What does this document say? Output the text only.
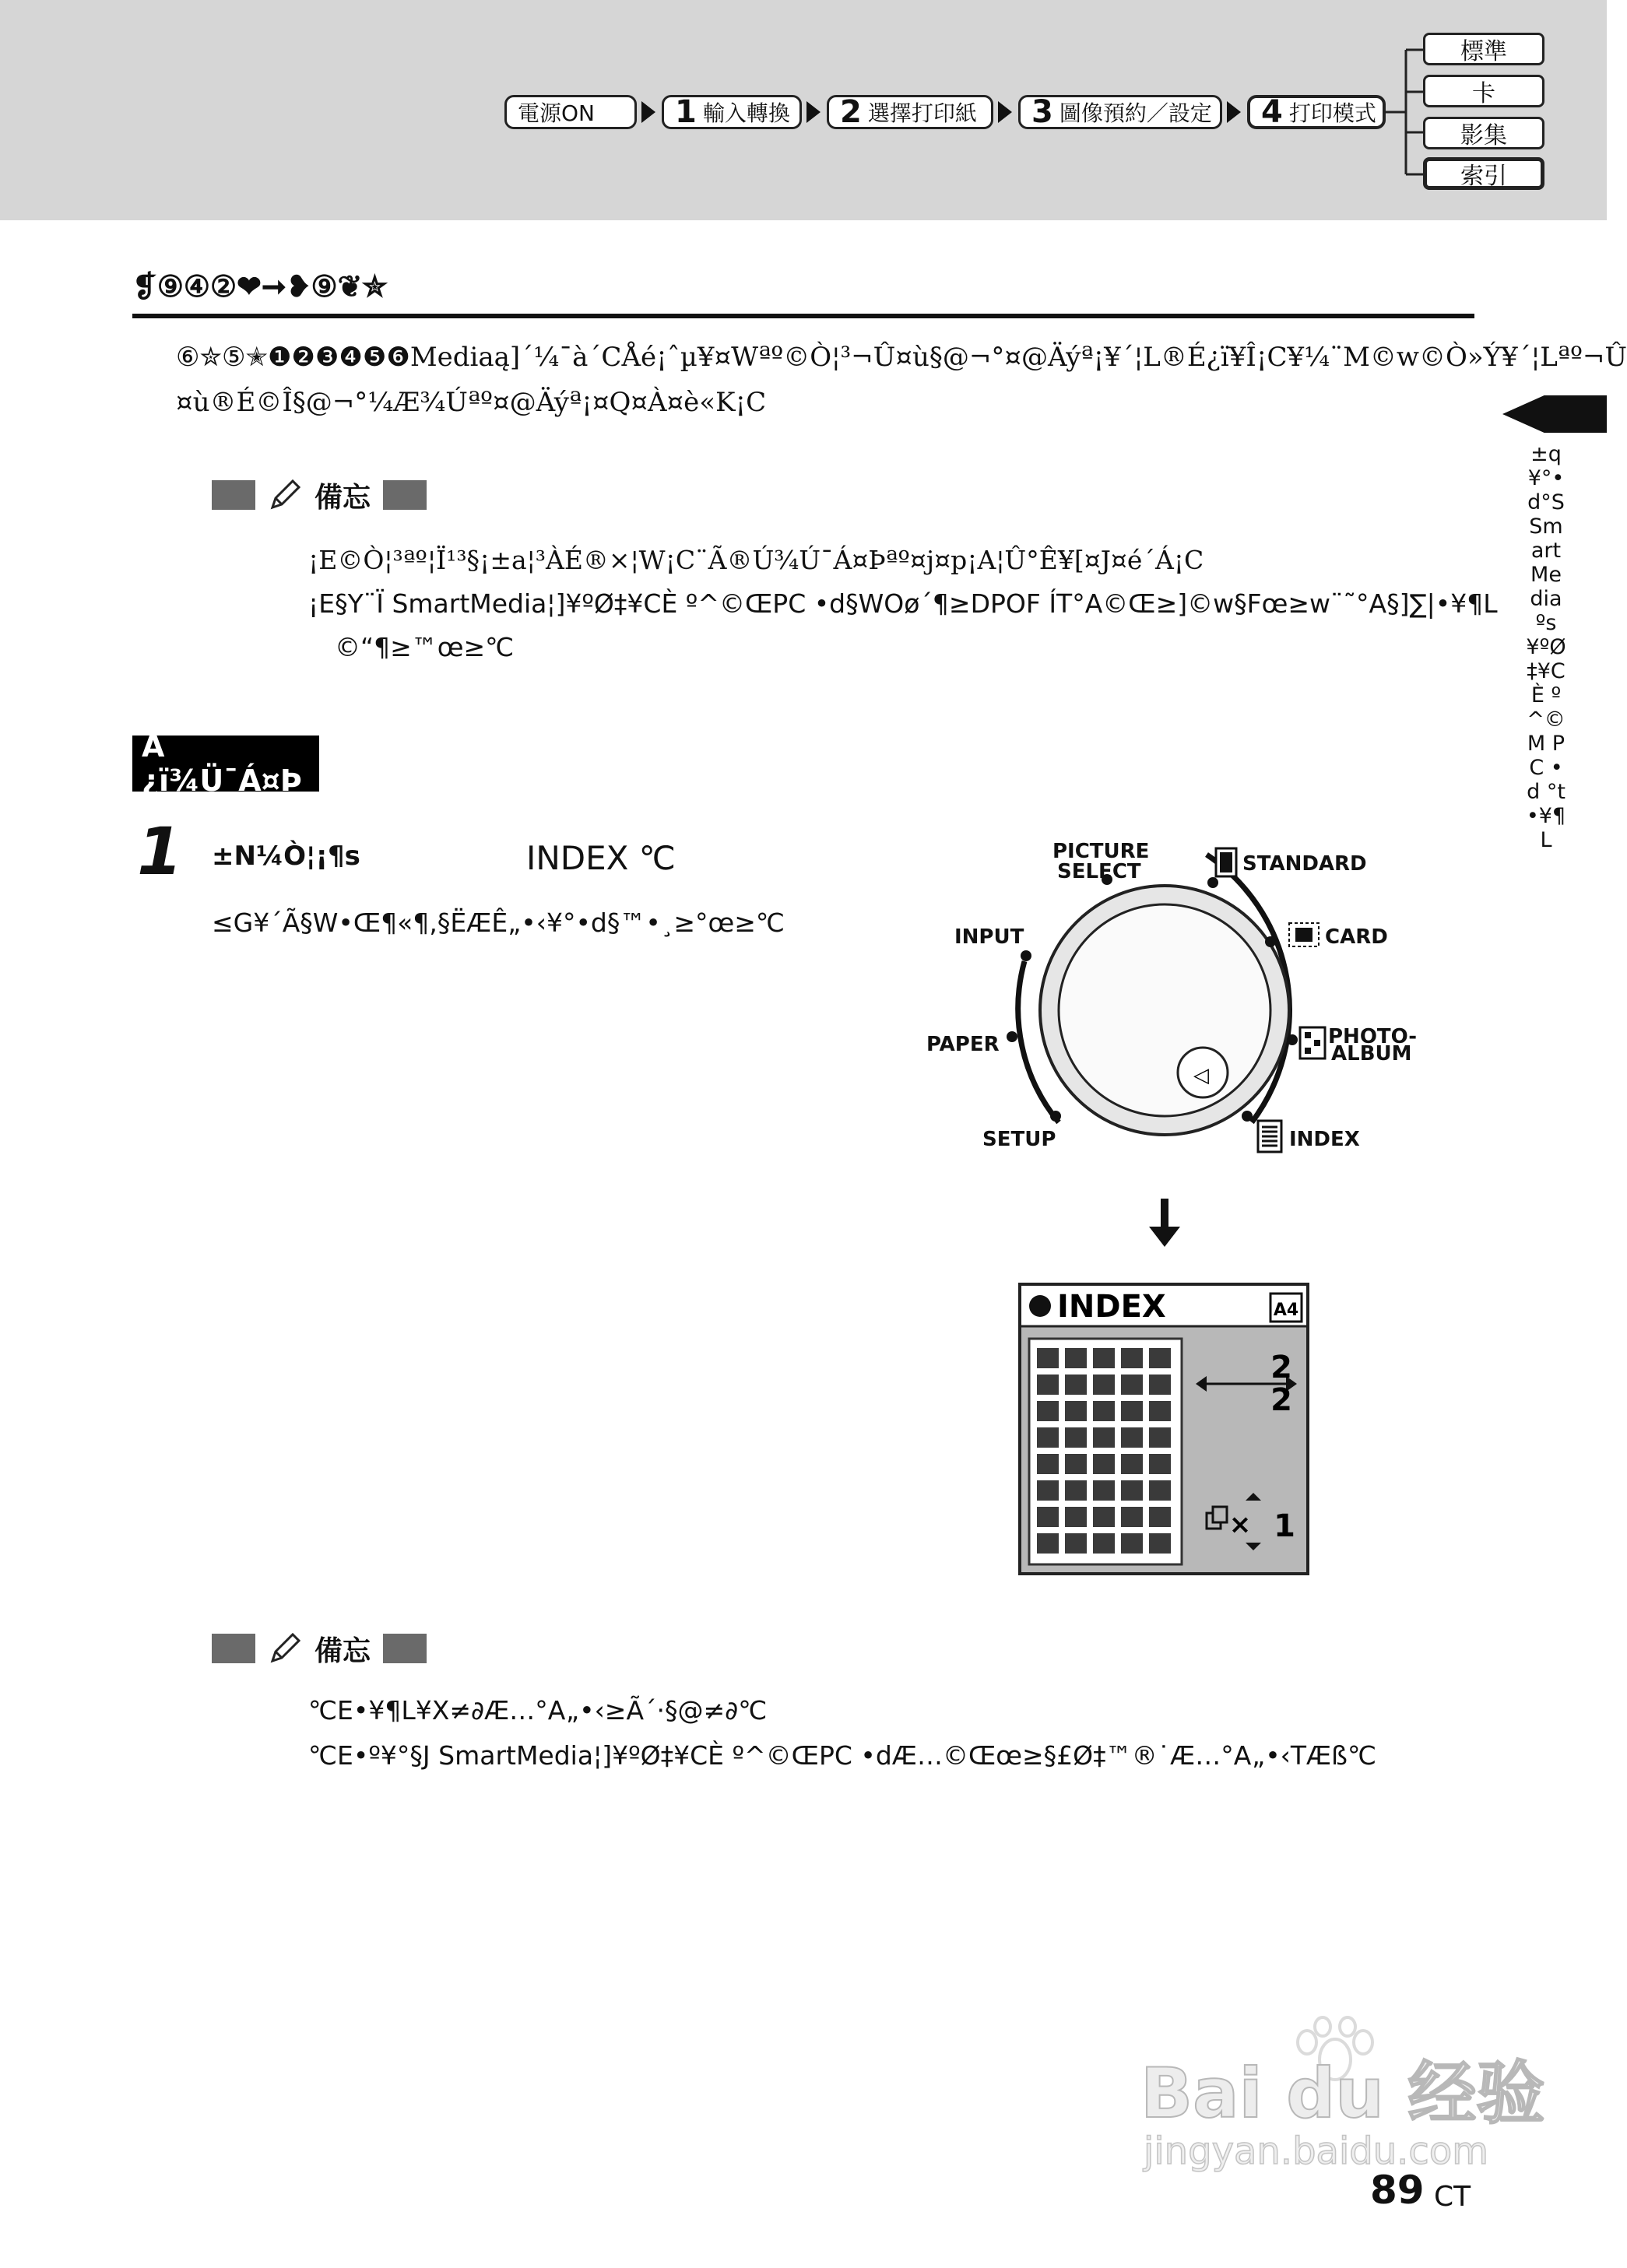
電源ON	1 輸入轉換 2 選擇打印紙 3 圖像預約／設定 4 打印模式
標準
卡
影集
索引
❡⑨④②❤➞❥⑨❦✮
⑥✮⑤✭❶❷❸❹❺❻Mediaą]´¼¯à´CÅé¡ˆµ¥¤Wªº©Ò¦³¬Û¤ù§@¬°¤@Äýª¡¥´¦L®É¿ï¥Î¡C¥¼¨M©w©Ò»Ý¥´¦Lªº¬Û
¤ù®É©Î§@¬°¼Æ¾Úªº¤@Äýª¡¤Q¤À¤è«K¡C
備忘
¡E©Ò¦³ªº¦Ï¹³§¡±a¦³ÀÉ®×¦W¡C¨Ã®Ú¾Ú¯Á¤Þªº¤j¤p¡A¦Û°Ê¥[¤J¤é´Á¡C
¡E§Y¨Ï SmartMedia¦]¥ºØ‡¥CÈ º^©ŒPC •d§WOø´¶≥DPOF ÍT°A©Œ≥]©w§Fœ≥w¨˜°A§]∑|•¥¶L
©“¶≥™œ≥℃
±q¥°•d°SSmart Media ºs¥ºØ‡¥CÈ º^©M PC •d °t•¥¶L
A ¿ï¾Ü¯Á¤Þ
1 ±N¼Ò¦¡¶s	INDEX ℃
≤G¥´Ã§W•Œ¶«¶,§ËÆÊ„•‹¥°•d§™•¸≥°œ≥℃
◁
PICTURE
SELECT
INPUT
PAPER
SETUP
STANDARD
CARD
PHOTO-
ALBUM
INDEX
INDEX	A4
2
2
× 1
備忘
℃E•¥¶L¥X≠∂Æ…°A„•‹≥Ã´·§@≠∂℃
℃E•º¥°§J SmartMedia¦]¥ºØ‡¥CÈ º^©ŒPC •dÆ…©Œœ≥§£Ø‡™®˙Æ…°A„•‹TÆß℃
Bai du 经验
jingyan.baidu.com
89 CT
